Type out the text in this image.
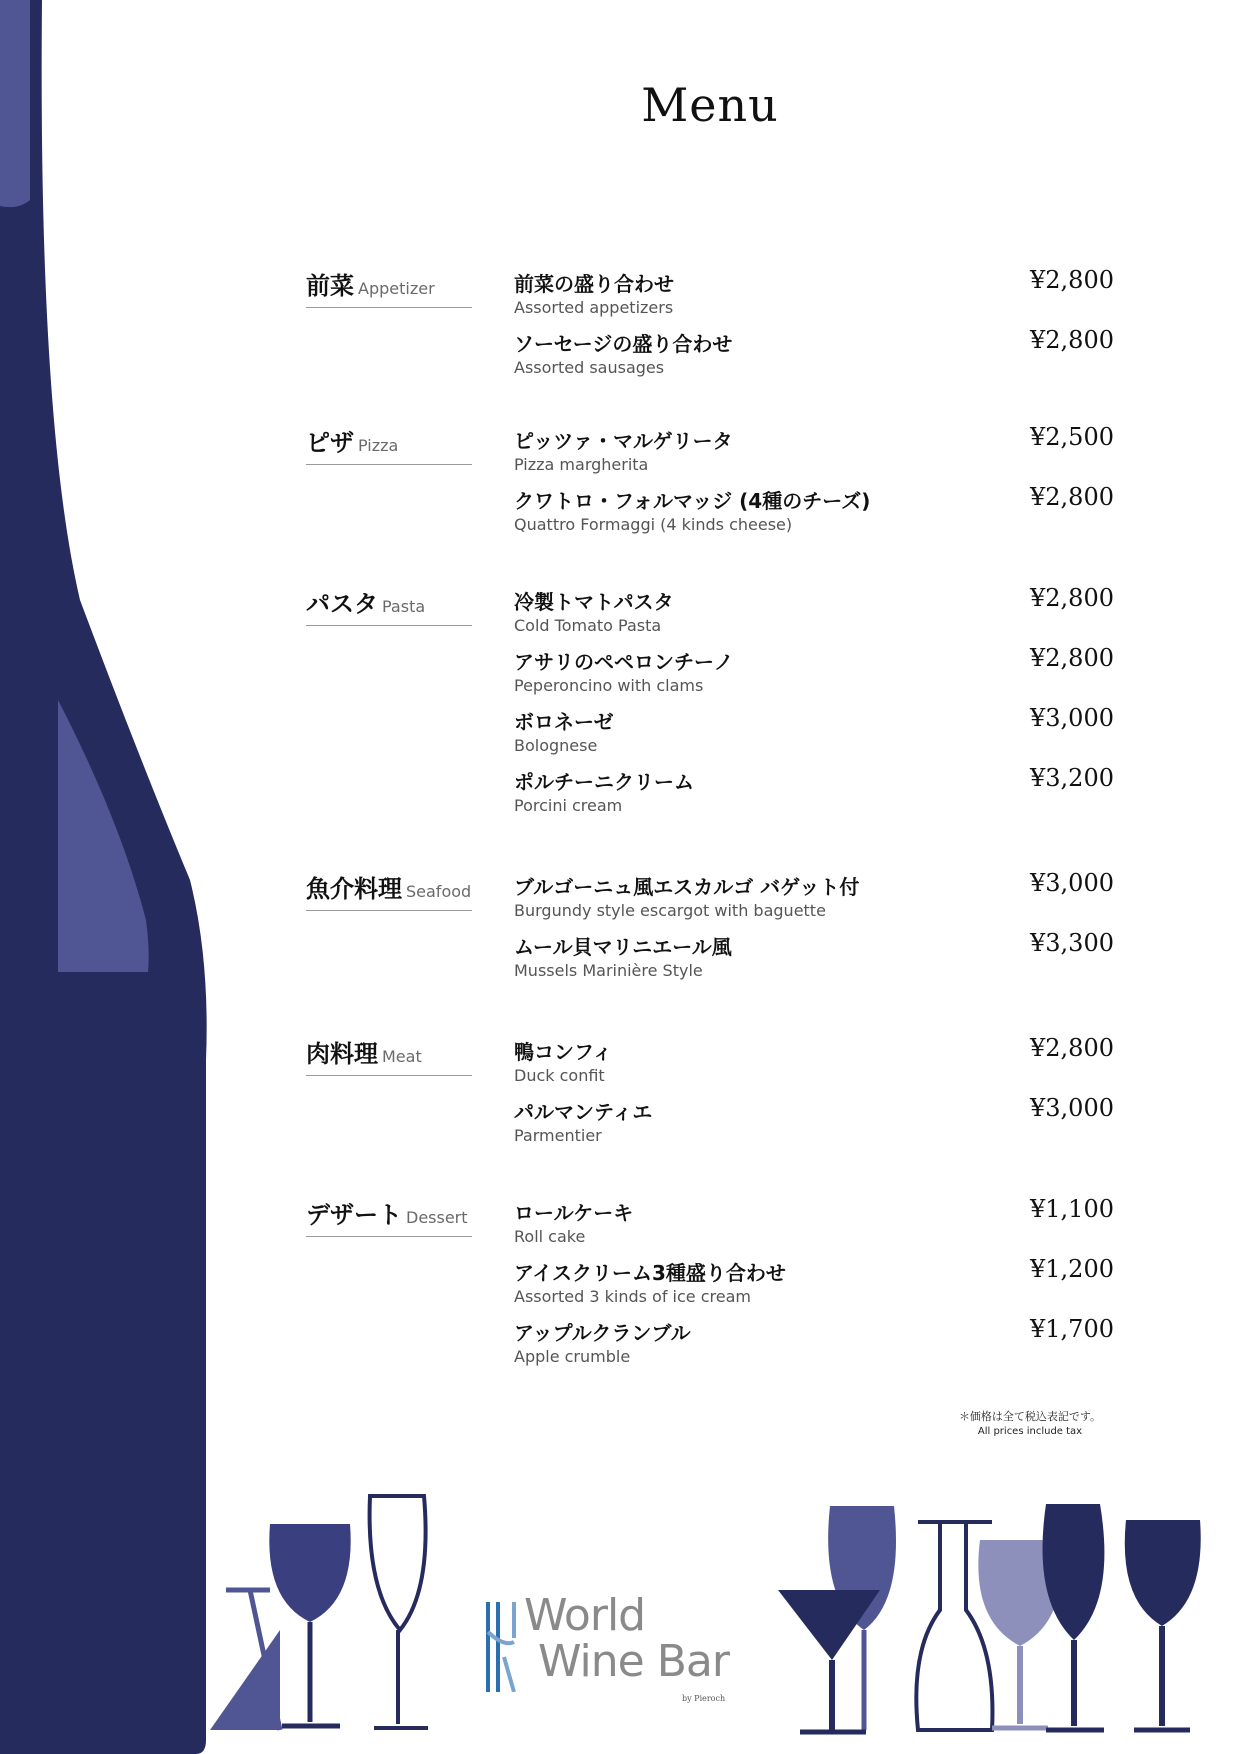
Menu
前菜 Appetizer	前菜の盛り合わせ
Assorted appetizers
¥2,800
ソーセージの盛り合わせ
Assorted sausages
¥2,800
ピザ Pizza	ピッツァ・マルゲリータ
Pizza margherita
¥2,500
クワトロ・フォルマッジ (4種のチーズ)
Quattro Formaggi (4 kinds cheese)
¥2,800
パスタ Pasta	冷製トマトパスタ
Cold Tomato Pasta
¥2,800
アサリのペペロンチーノ
Peperoncino with clams
¥2,800
ボロネーゼ
Bolognese
¥3,000
ポルチーニクリーム
Porcini cream
¥3,200
魚介料理 Seafood ブルゴーニュ風エスカルゴ バゲット付
Burgundy style escargot with baguette
¥3,000
ムール貝マリニエール風
Mussels Marinière Style
¥3,300
肉料理 Meat	鴨コンフィ
Duck confit
¥2,800
パルマンティエ
Parmentier
¥3,000
デザート Dessert ロールケーキ
Roll cake
¥1,100
アイスクリーム3種盛り合わせ
Assorted 3 kinds of ice cream
¥1,200
アップルクランブル
Apple crumble
¥1,700
＊価格は全て税込表記です。
All prices include tax
World
Wine Bar
by Pieroch
